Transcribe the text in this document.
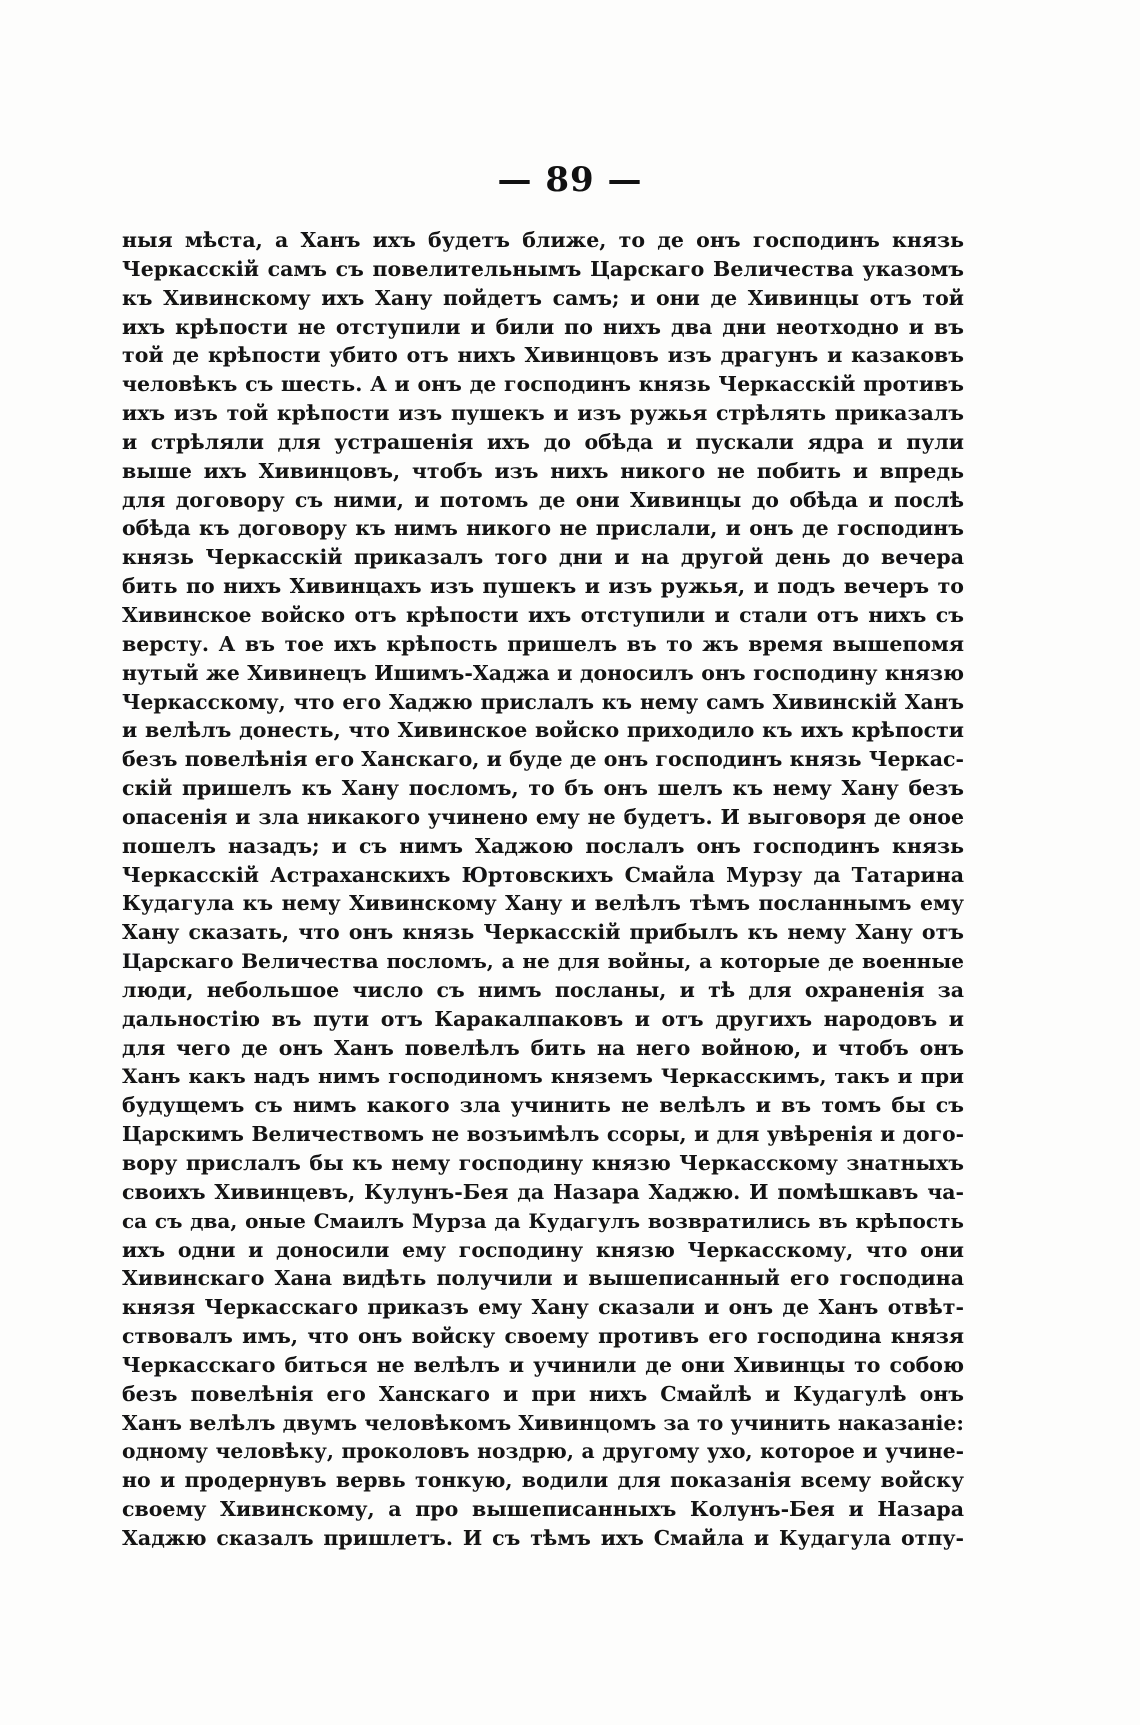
— 89 —
ныя мѣста, а Ханъ ихъ будетъ ближе, то де онъ господинъ князь
Черкасскій самъ съ повелительнымъ Царскаго Величества указомъ
къ Хивинскому ихъ Хану пойдетъ самъ; и они де Хивинцы отъ той
ихъ крѣпости не отступили и били по нихъ два дни неотходно и въ
той де крѣпости убито отъ нихъ Хивинцовъ изъ драгунъ и казаковъ
человѣкъ съ шесть. А и онъ де господинъ князь Черкасскій противъ
ихъ изъ той крѣпости изъ пушекъ и изъ ружья стрѣлять приказалъ
и стрѣляли для устрашенія ихъ до обѣда и пускали ядра и пули
выше ихъ Хивинцовъ, чтобъ изъ нихъ никого не побить и впредь
для договору съ ними, и потомъ де они Хивинцы до обѣда и послѣ
обѣда къ договору къ нимъ никого не прислали, и онъ де господинъ
князь Черкасскій приказалъ того дни и на другой день до вечера
бить по нихъ Хивинцахъ изъ пушекъ и изъ ружья, и подъ вечеръ то
Хивинское войско отъ крѣпости ихъ отступили и стали отъ нихъ съ
версту. А въ тое ихъ крѣпость пришелъ въ то жъ время вышепомя
нутый же Хивинецъ Ишимъ-Хаджа и доносилъ онъ господину князю
Черкасскому, что его Хаджю прислалъ къ нему самъ Хивинскій Ханъ
и велѣлъ донесть, что Хивинское войско приходило къ ихъ крѣпости
безъ повелѣнія его Ханскаго, и буде де онъ господинъ князь Черкас-
скій пришелъ къ Хану посломъ, то бъ онъ шелъ къ нему Хану безъ
опасенія и зла никакого учинено ему не будетъ. И выговоря де оное
пошелъ назадъ; и съ нимъ Хаджою послалъ онъ господинъ князь
Черкасскій Астраханскихъ Юртовскихъ Смайла Мурзу да Татарина
Кудагула къ нему Хивинскому Хану и велѣлъ тѣмъ посланнымъ ему
Хану сказать, что онъ князь Черкасскій прибылъ къ нему Хану отъ
Царскаго Величества посломъ, а не для войны, а которые де военные
люди, небольшое число съ нимъ посланы, и тѣ для охраненія за
дальностію въ пути отъ Каракалпаковъ и отъ другихъ народовъ и
для чего де онъ Ханъ повелѣлъ бить на него войною, и чтобъ онъ
Ханъ какъ надъ нимъ господиномъ княземъ Черкасскимъ, такъ и при
будущемъ съ нимъ какого зла учинить не велѣлъ и въ томъ бы съ
Царскимъ Величествомъ не возъимѣлъ ссоры, и для увѣренія и дого-
вору прислалъ бы къ нему господину князю Черкасскому знатныхъ
своихъ Хивинцевъ, Кулунъ-Бея да Назара Хаджю. И помѣшкавъ ча-
са съ два, оные Смаилъ Мурза да Кудагулъ возвратились въ крѣпость
ихъ одни и доносили ему господину князю Черкасскому, что они
Хивинскаго Хана видѣть получили и вышеписанный его господина
князя Черкасскаго приказъ ему Хану сказали и онъ де Ханъ отвѣт-
ствовалъ имъ, что онъ войску своему противъ его господина князя
Черкасскаго биться не велѣлъ и учинили де они Хивинцы то собою
безъ повелѣнія его Ханскаго и при нихъ Смайлѣ и Кудагулѣ онъ
Ханъ велѣлъ двумъ человѣкомъ Хивинцомъ за то учинить наказаніе:
одному человѣку, проколовъ ноздрю, а другому ухо, которое и учине-
но и продернувъ вервь тонкую, водили для показанія всему войску
своему Хивинскому, а про вышеписанныхъ Колунъ-Бея и Назара
Хаджю сказалъ пришлетъ. И съ тѣмъ ихъ Смайла и Кудагула отпу-
